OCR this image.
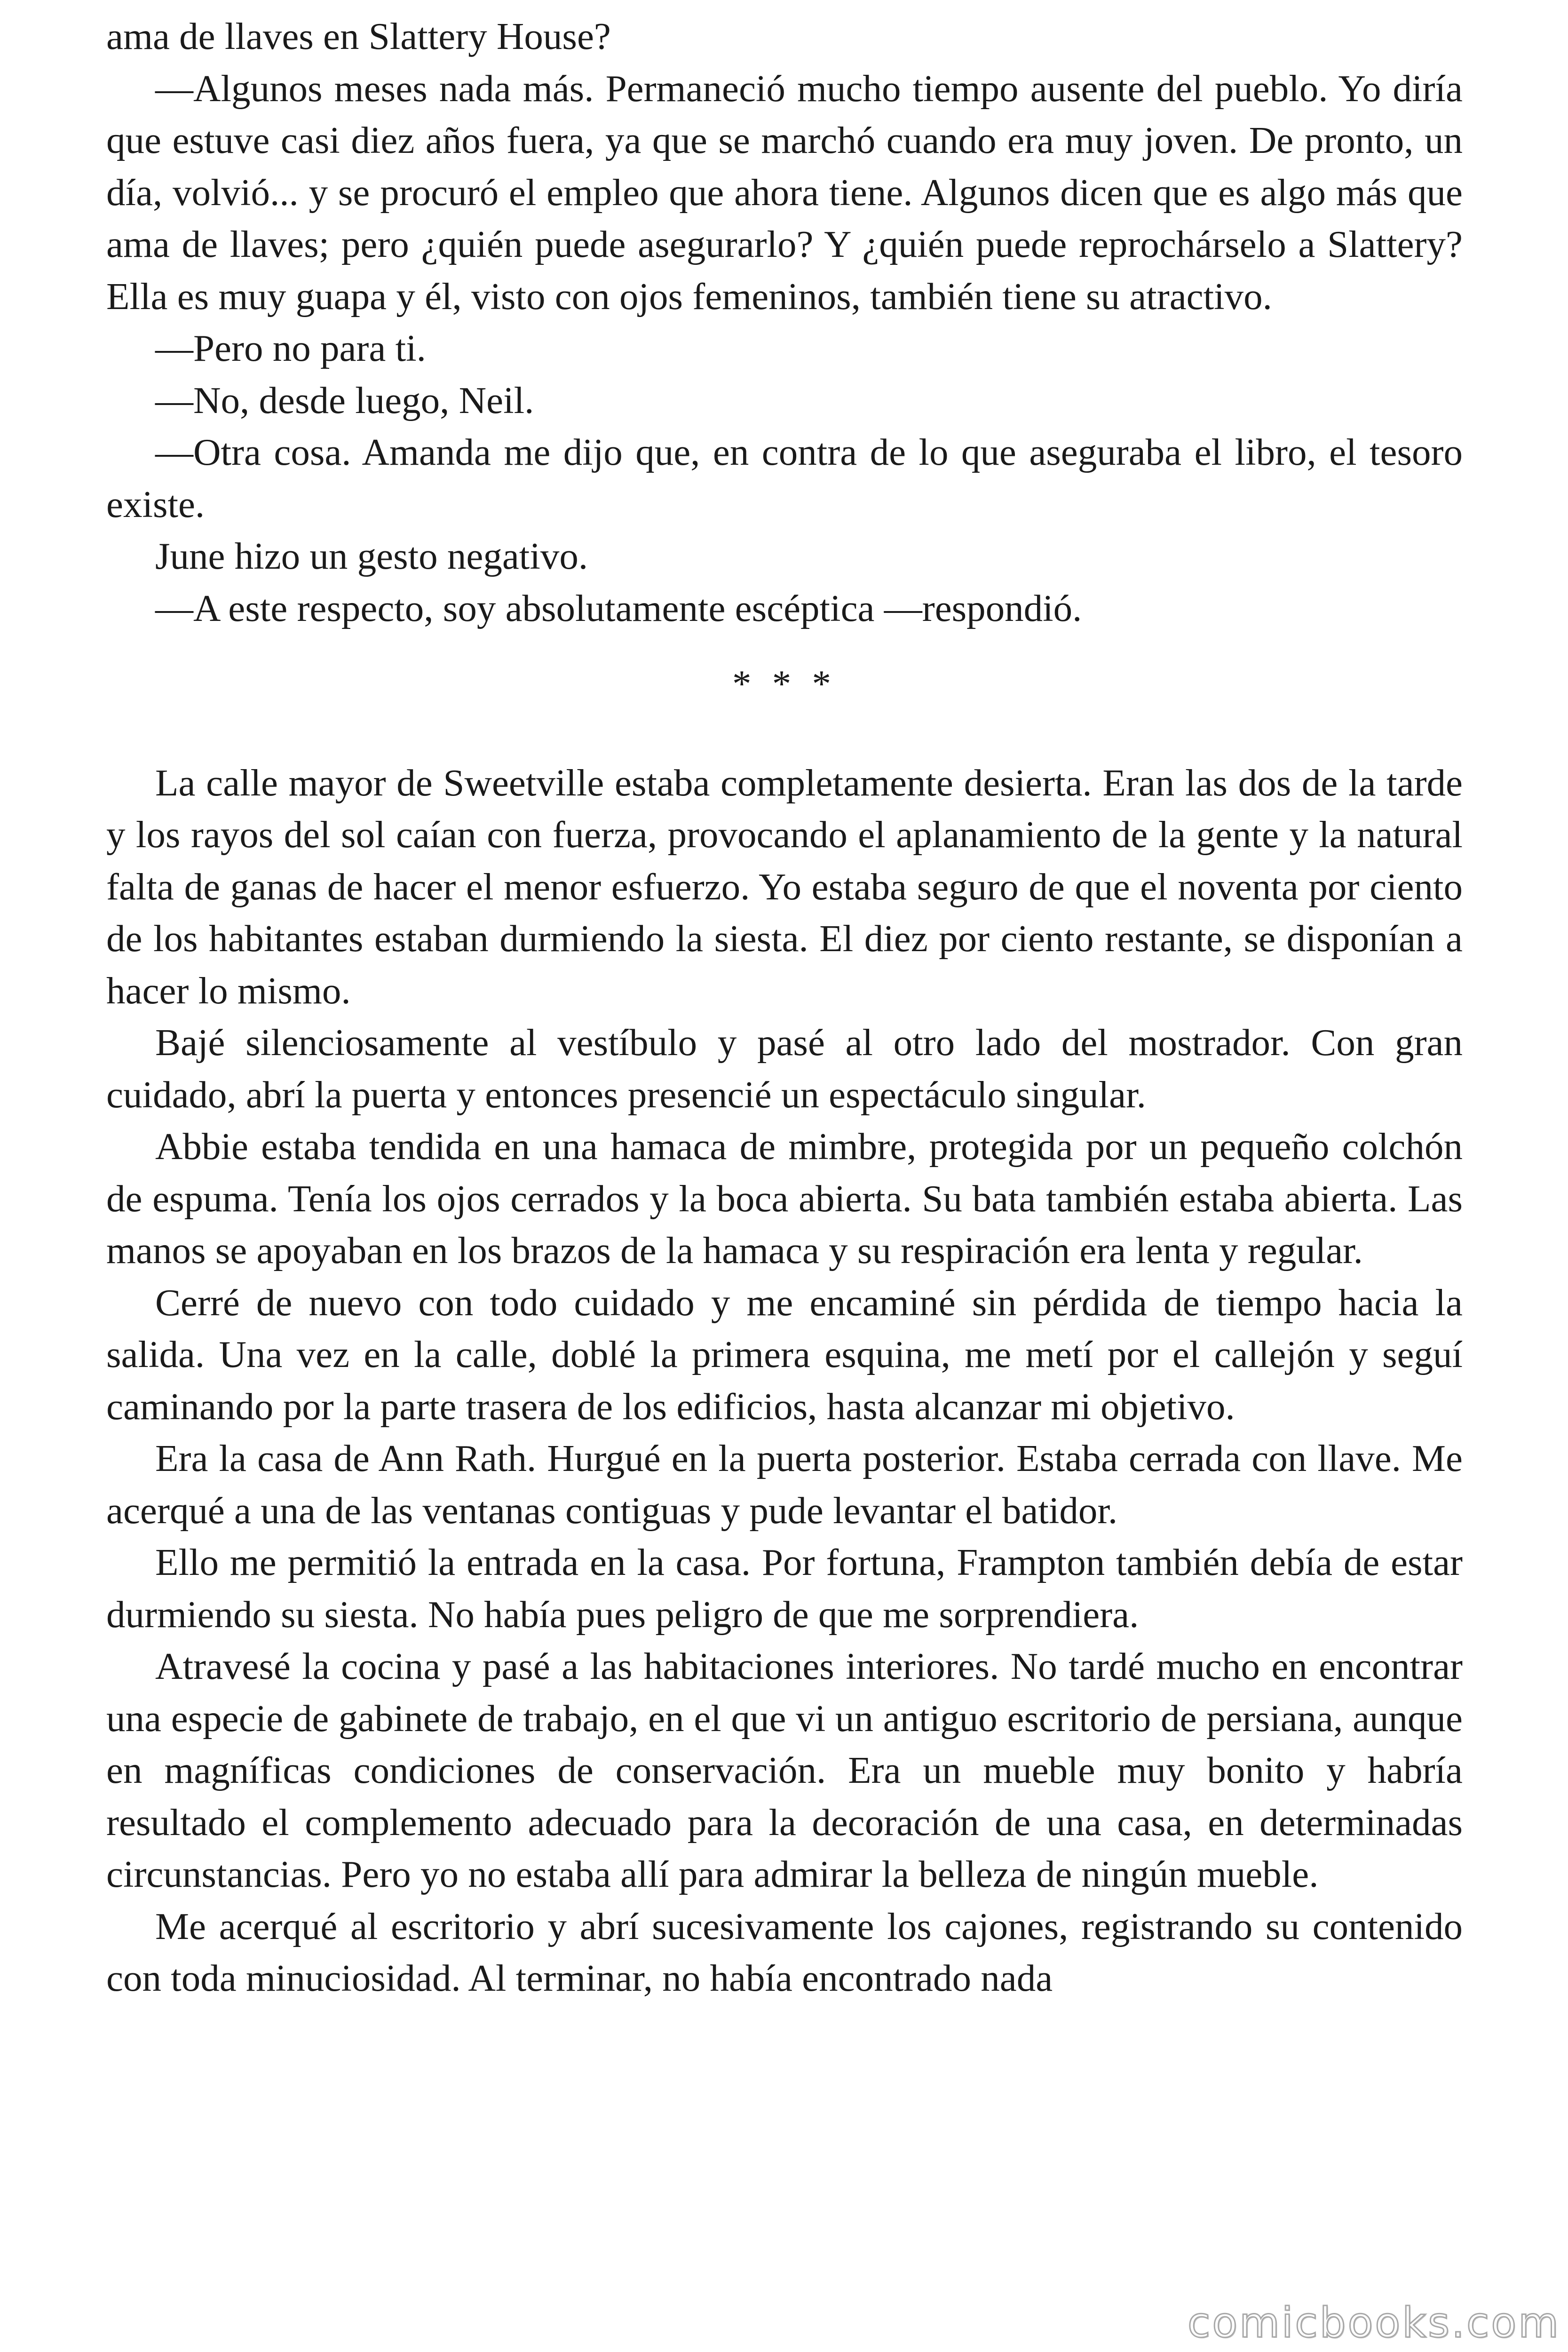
ama de llaves en Slattery House?

—Algunos meses nada más. Permaneció mucho tiempo ausente del pueblo. Yo diría que estuve casi diez años fuera, ya que se marchó cuando era muy joven. De pronto, un día, volvió... y se procuró el empleo que ahora tiene. Algunos dicen que es algo más que ama de llaves; pero ¿quién puede asegurarlo? Y ¿quién puede reprochárselo a Slattery? Ella es muy guapa y él, visto con ojos femeninos, también tiene su atractivo.

—Pero no para ti.

—No, desde luego, Neil.

—Otra cosa. Amanda me dijo que, en contra de lo que aseguraba el libro, el tesoro existe.

June hizo un gesto negativo.

—A este respecto, soy absolutamente escéptica —respondió.

* * *

La calle mayor de Sweetville estaba completamente desierta. Eran las dos de la tarde y los rayos del sol caían con fuerza, provocando el aplanamiento de la gente y la natural falta de ganas de hacer el menor esfuerzo. Yo estaba seguro de que el noventa por ciento de los habitantes estaban durmiendo la siesta. El diez por ciento restante, se disponían a hacer lo mismo.

Bajé silenciosamente al vestíbulo y pasé al otro lado del mostrador. Con gran cuidado, abrí la puerta y entonces presencié un espectáculo singular.

Abbie estaba tendida en una hamaca de mimbre, protegida por un pequeño colchón de espuma. Tenía los ojos cerrados y la boca abierta. Su bata también estaba abierta. Las manos se apoyaban en los brazos de la hamaca y su respiración era lenta y regular.

Cerré de nuevo con todo cuidado y me encaminé sin pérdida de tiempo hacia la salida. Una vez en la calle, doblé la primera esquina, me metí por el callejón y seguí caminando por la parte trasera de los edificios, hasta alcanzar mi objetivo.

Era la casa de Ann Rath. Hurgué en la puerta posterior. Estaba cerrada con llave. Me acerqué a una de las ventanas contiguas y pude levantar el batidor.

Ello me permitió la entrada en la casa. Por fortuna, Frampton también debía de estar durmiendo su siesta. No había pues peligro de que me sorprendiera.

Atravesé la cocina y pasé a las habitaciones interiores. No tardé mucho en encontrar una especie de gabinete de trabajo, en el que vi un antiguo escritorio de persiana, aunque en magníficas condiciones de conservación. Era un mueble muy bonito y habría resultado el complemento adecuado para la decoración de una casa, en determinadas circunstancias. Pero yo no estaba allí para admirar la belleza de ningún mueble.

Me acerqué al escritorio y abrí sucesivamente los cajones, registrando su contenido con toda minuciosidad. Al terminar, no había encontrado nada

comicbooks.com
